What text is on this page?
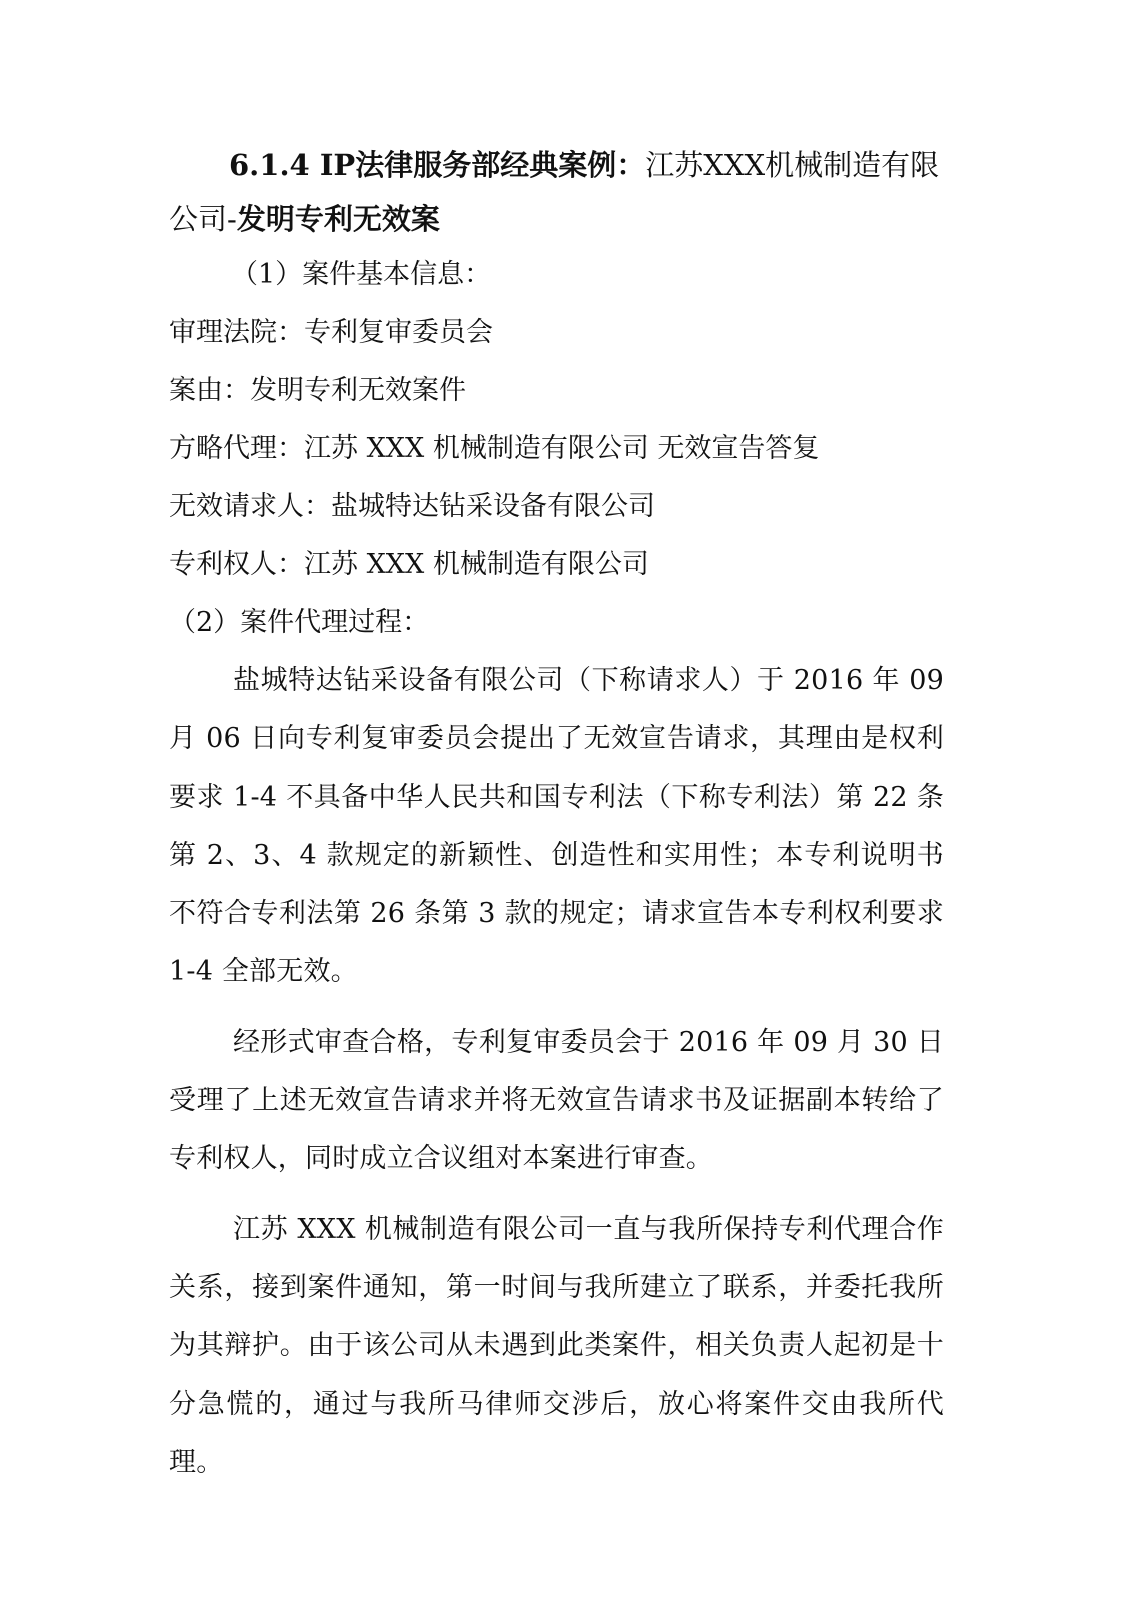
6.1.4 IP法律服务部经典案例：江苏XXX机械制造有限公司-发明专利无效案

（1）案件基本信息：

审理法院：专利复审委员会

案由：发明专利无效案件

方略代理：江苏 XXX 机械制造有限公司 无效宣告答复

无效请求人：盐城特达钻采设备有限公司

专利权人：江苏 XXX 机械制造有限公司

（2）案件代理过程：

盐城特达钻采设备有限公司（下称请求人）于 2016 年 09 月 06 日向专利复审委员会提出了无效宣告请求，其理由是权利要求 1-4 不具备中华人民共和国专利法（下称专利法）第 22 条第 2、3、4 款规定的新颖性、创造性和实用性；本专利说明书不符合专利法第 26 条第 3 款的规定；请求宣告本专利权利要求 1-4 全部无效。

经形式审查合格，专利复审委员会于 2016 年 09 月 30 日受理了上述无效宣告请求并将无效宣告请求书及证据副本转给了专利权人，同时成立合议组对本案进行审查。

江苏 XXX 机械制造有限公司一直与我所保持专利代理合作关系，接到案件通知，第一时间与我所建立了联系，并委托我所为其辩护。由于该公司从未遇到此类案件，相关负责人起初是十分急慌的，通过与我所马律师交涉后，放心将案件交由我所代理。
